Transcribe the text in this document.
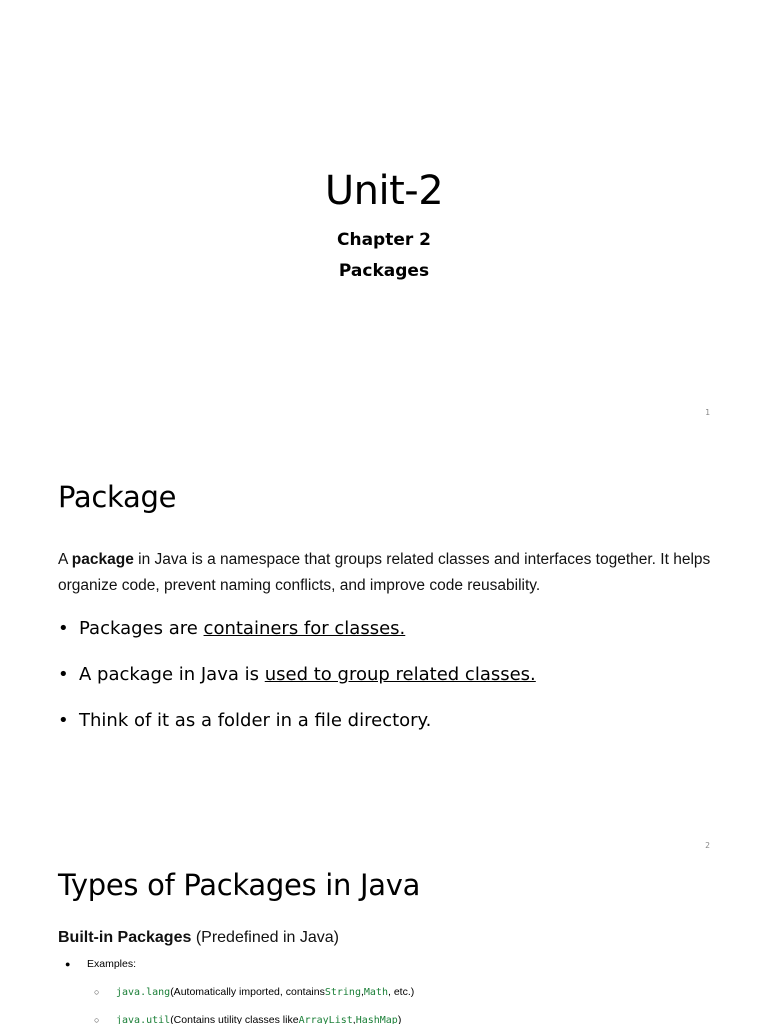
Unit-2
Chapter 2
Packages
1
Package

A package in Java is a namespace that groups related classes and interfaces together. It helps organize code, prevent naming conflicts, and improve code reusability.

• Packages are containers for classes.
• A package in Java is used to group related classes.
• Think of it as a folder in a file directory.
2
Types of Packages in Java
Built-in Packages (Predefined in Java)
●	Examples:
○	java.lang (Automatically imported, contains String , Math , etc.)
○	java.util (Contains utility classes like ArrayList , HashMap )
